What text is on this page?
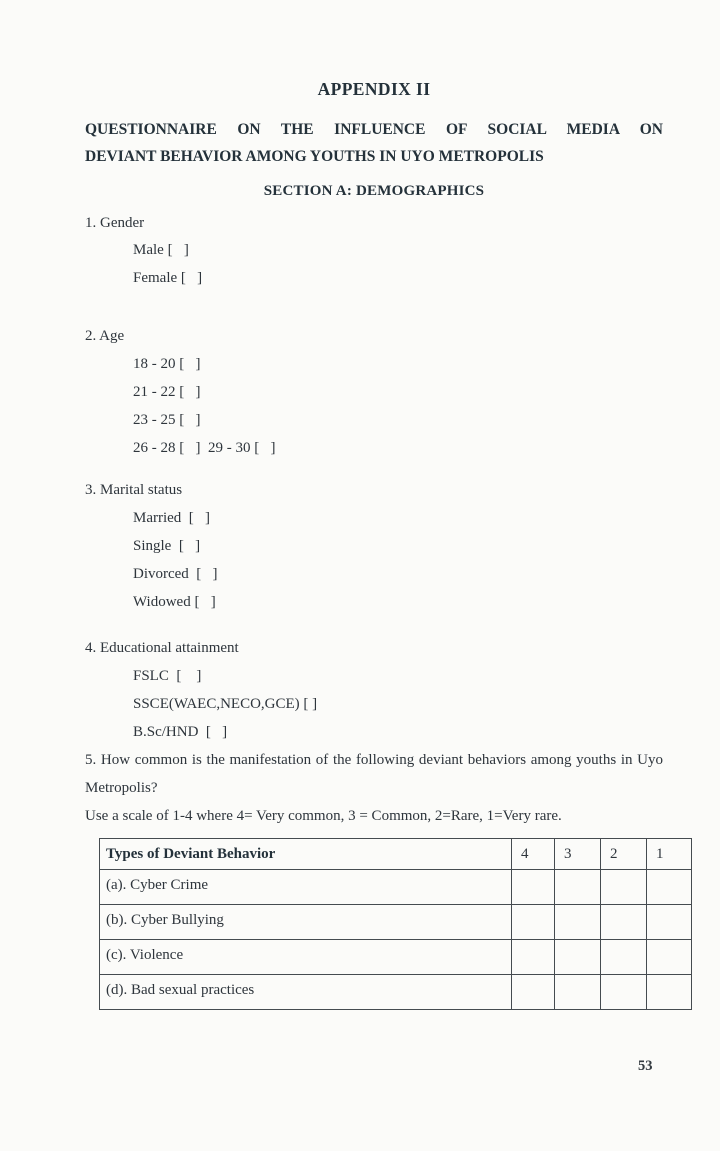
APPENDIX II
QUESTIONNAIRE ON THE INFLUENCE OF SOCIAL MEDIA ON
DEVIANT BEHAVIOR AMONG YOUTHS IN UYO METROPOLIS
SECTION A: DEMOGRAPHICS
1. Gender
Male [   ]
Female [   ]
2. Age
18 - 20 [   ]
21 - 22 [   ]
23 - 25 [   ]
26 - 28 [   ]  29 - 30 [   ]
3. Marital status
Married  [   ]
Single  [   ]
Divorced  [   ]
Widowed [   ]
4. Educational attainment
FSLC  [    ]
SSCE(WAEC,NECO,GCE) [ ]
B.Sc/HND  [   ]
5. How common is the manifestation of the following deviant behaviors among youths in Uyo Metropolis?
Use a scale of 1-4 where 4= Very common, 3 = Common, 2=Rare, 1=Very rare.
Types of Deviant Behavior	4	3	2	1
(a). Cyber Crime				
(b). Cyber Bullying				
(c). Violence				
(d). Bad sexual practices				
53
